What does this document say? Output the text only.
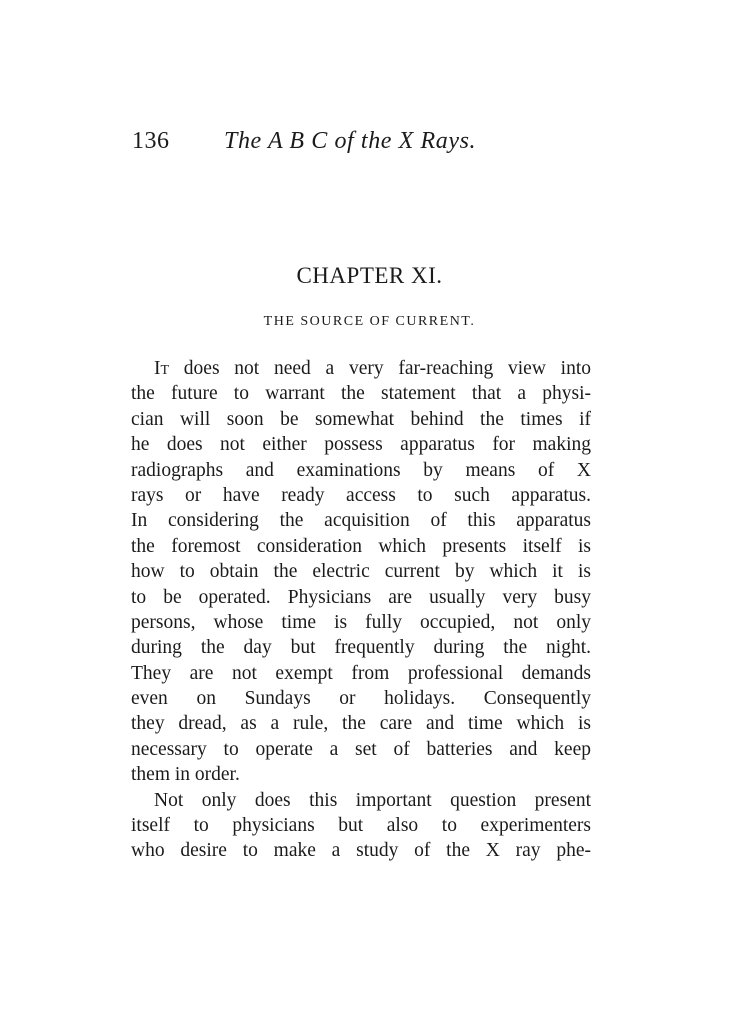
136 The A B C of the X Rays.
CHAPTER XI.
THE SOURCE OF CURRENT.
It does not need a very far-reaching view into
the future to warrant the statement that a physi-
cian will soon be somewhat behind the times if
he does not either possess apparatus for making
radiographs and examinations by means of X
rays or have ready access to such apparatus.
In considering the acquisition of this apparatus
the foremost consideration which presents itself is
how to obtain the electric current by which it is
to be operated. Physicians are usually very busy
persons, whose time is fully occupied, not only
during the day but frequently during the night.
They are not exempt from professional demands
even on Sundays or holidays. Consequently
they dread, as a rule, the care and time which is
necessary to operate a set of batteries and keep
them in order.
Not only does this important question present
itself to physicians but also to experimenters
who desire to make a study of the X ray phe-
